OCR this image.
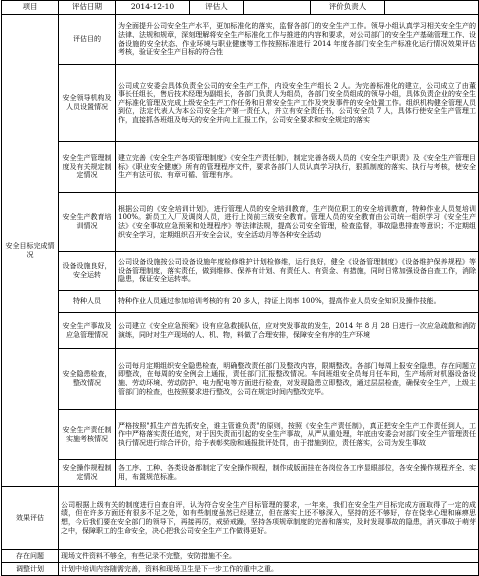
项目	评估日期	2014-12-10	评估人		评价负责人	
安全目标完成情况	评估目的	为全面提升公司安全生产水平，更加标准化的落实，监督各部门的安全生产工作。领导小组认真学习相关安全生产的法律、法规和规章，深刻理解将安全生产标准化工作与推进的内容和要求，对公司部门的安全生产基础管理工作、设备设施的安全状态、作业环境与职业健康等工作按照标准进行 2014 年度各部门安全生产标准化运行情况效果评估考核，验证安全生产目标的符合性				
	安全领导机构及人员设置情况	公司成立安委会具体负责全公司的安全生产工作，内设安全生产组长 2 人。为完善标准化的建立，公司成立了由董事长任组长，售后技术经理为副组长，各部门负责人为组员，各部门安全员组成的领导小组，具体负责企业的安全生产标准化管理及完成上级安全生产工作任务和日常安全生产工作及突发事件的安全处置工作。组织机构健全管理人员到位，法定代表人为本公司安全生产第一责任人，并立有安全责任书，公司安全员 7 人，具体行使安全生产管理工作，直接抓各班组及每天的安全并向上汇报工作，公司安全要求和安全规定的落实				
	安全生产管理制度及有关规定制定情况	建立完善《安全生产各项管理制度》《安全生产责任制》，制定完善各级人员的《安全生产职责》及《安全生产管理目标》《职业安全健康》所有的管理程序文件，要求各部门人员认真学习执行，狠抓制度的落实、执行与考核，使安全生产有法可依、有章可循、管理有序。				
	安全生产教育培训情况	根据公司的《安全培训计划》，进行管理人员的安全培训教育，生产岗位职工的安全培训教育，特种作业人员复培训 100%。新员工入厂及调岗人员，进行上岗前三级安全教育。管理人员的安全教育由公司统一组织学习《安全生产法》《安全事故应急预案和处理程序》等法律法规，提高公司安全管理，检查监督，事故隐患排查等意识；不定期组织安全学习，定期组织召开安全会议，安全活动月等各种安全活动				
	设备设施良好，安全运转	公司设备设施按公司设备设施年度检修维护计划检修维，运行良好，健全《设备管理制度》《设备维护保养规程》等设备管理制度，落实责任，做到维修、保养有计划、有责任人、有资金、有措施，同时日常加强设备自查工作，消除隐患，保证安全运转率。				
	特种人员	特种作业人员通过参加培训考核的有 20 多人，持证上岗率 100%，提高作业人员安全知识及操作技能。				
	安全生产事故及应急管理情况	公司建立《安全应急预案》设有应急救援队伍，应对突发事故的发生，2014 年 8 月 28 日进行一次应急疏散和消防演练，同时对生产现场的人、机、物，料做了合理安排，保障安全有序的生产环境				
	安全隐患检查，整改情况	公司每月定期组织安全隐患检查，明确整改责任部门及整改内容，限期整改。各部门每周上报安全隐患，存在问题立即整改，在每周的安全例会上通报，责任部门汇报整改情况。车间班组安全员每月任车间，生产场所对机器设备设施、劳动环境、劳动防护、电力配电等方面进行检查，对发现隐患立即整改，通过层层检查，确保安全生产，上级主管部门的检查，也按照要求进行整改，公司在规定时间内整改完毕。				
	安全生产责任制实施考核情况	严格按照"抓生产首先抓安全，谁主管谁负责"的原则，按照《安全生产责任制》，真正把安全生产工作责任到人，工作中严格落实责任追究，对于因失责而引起的安全生产事故，从严从重处理，年底由安委会对部门安全生产管理责任执行情况进行综合评价，给予表彰奖励和通报批评处罚，由于措施到位，责任落实，公司为发生事故				
	安全操作规程制定情况	各工序、工种、各类设备都制定了安全操作规程，制作成版面挂在各岗位各工序显眼部位，各安全操作规程齐全、实用，布置规范标准。				
效果评估	公司根据上级有关的制度进行自查自评，认为符合安全生产目标管理的要求，一年来，我们在安全生产目标完成方面取得了一定的成绩，但在许多方面还有很多不足之处，如有些制度虽然已经建立，但在落实上还不够深入，坚持的还不够好，存在侥幸心理和麻痹思想，今后我们要在安全部门的领导下，再接再厉，戒骄戒躁，坚持各项规章制度的完善和落实，及时发现事故的隐患，消灭事故于萌芽之中，保障职工的生命安全，决心把我公司安全生产工作做得更好。					
存在问题	现场文件资料不够全，有些记录不完整，安防措施不全。					
调整计划	计划中培训内容随需完善，资料和现场卫生是下一步工作的重中之重。					
